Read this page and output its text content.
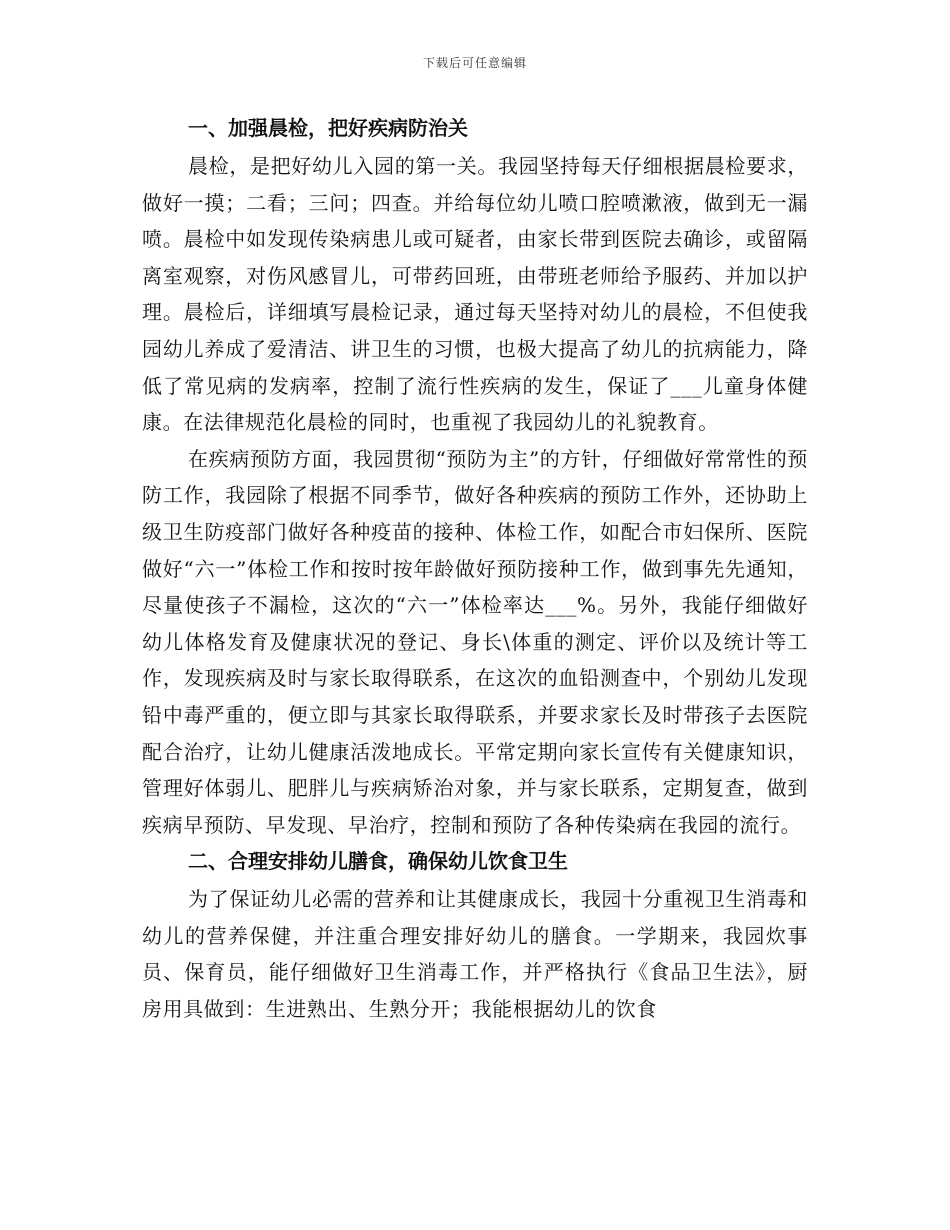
下载后可任意编辑
一、加强晨检，把好疾病防治关

晨检，是把好幼儿入园的第一关。我园坚持每天仔细根据晨检要求，做好一摸；二看；三问；四查。并给每位幼儿喷口腔喷漱液，做到无一漏喷。晨检中如发现传染病患儿或可疑者，由家长带到医院去确诊，或留隔离室观察，对伤风感冒儿，可带药回班，由带班老师给予服药、并加以护理。晨检后，详细填写晨检记录，通过每天坚持对幼儿的晨检，不但使我园幼儿养成了爱清洁、讲卫生的习惯，也极大提高了幼儿的抗病能力，降低了常见病的发病率，控制了流行性疾病的发生，保证了___儿童身体健康。在法律规范化晨检的同时，也重视了我园幼儿的礼貌教育。

在疾病预防方面，我园贯彻“预防为主”的方针，仔细做好常常性的预防工作，我园除了根据不同季节，做好各种疾病的预防工作外，还协助上级卫生防疫部门做好各种疫苗的接种、体检工作，如配合市妇保所、医院做好“六一”体检工作和按时按年龄做好预防接种工作，做到事先先通知，尽量使孩子不漏检，这次的“六一”体检率达___%。另外，我能仔细做好幼儿体格发育及健康状况的登记、身长\体重的测定、评价以及统计等工作，发现疾病及时与家长取得联系，在这次的血铅测查中，个别幼儿发现铅中毒严重的，便立即与其家长取得联系，并要求家长及时带孩子去医院配合治疗，让幼儿健康活泼地成长。平常定期向家长宣传有关健康知识，管理好体弱儿、肥胖儿与疾病矫治对象，并与家长联系，定期复查，做到疾病早预防、早发现、早治疗，控制和预防了各种传染病在我园的流行。

二、合理安排幼儿膳食，确保幼儿饮食卫生

为了保证幼儿必需的营养和让其健康成长，我园十分重视卫生消毒和幼儿的营养保健，并注重合理安排好幼儿的膳食。一学期来，我园炊事员、保育员，能仔细做好卫生消毒工作，并严格执行《食品卫生法》，厨房用具做到：生进熟出、生熟分开；我能根据幼儿的饮食
